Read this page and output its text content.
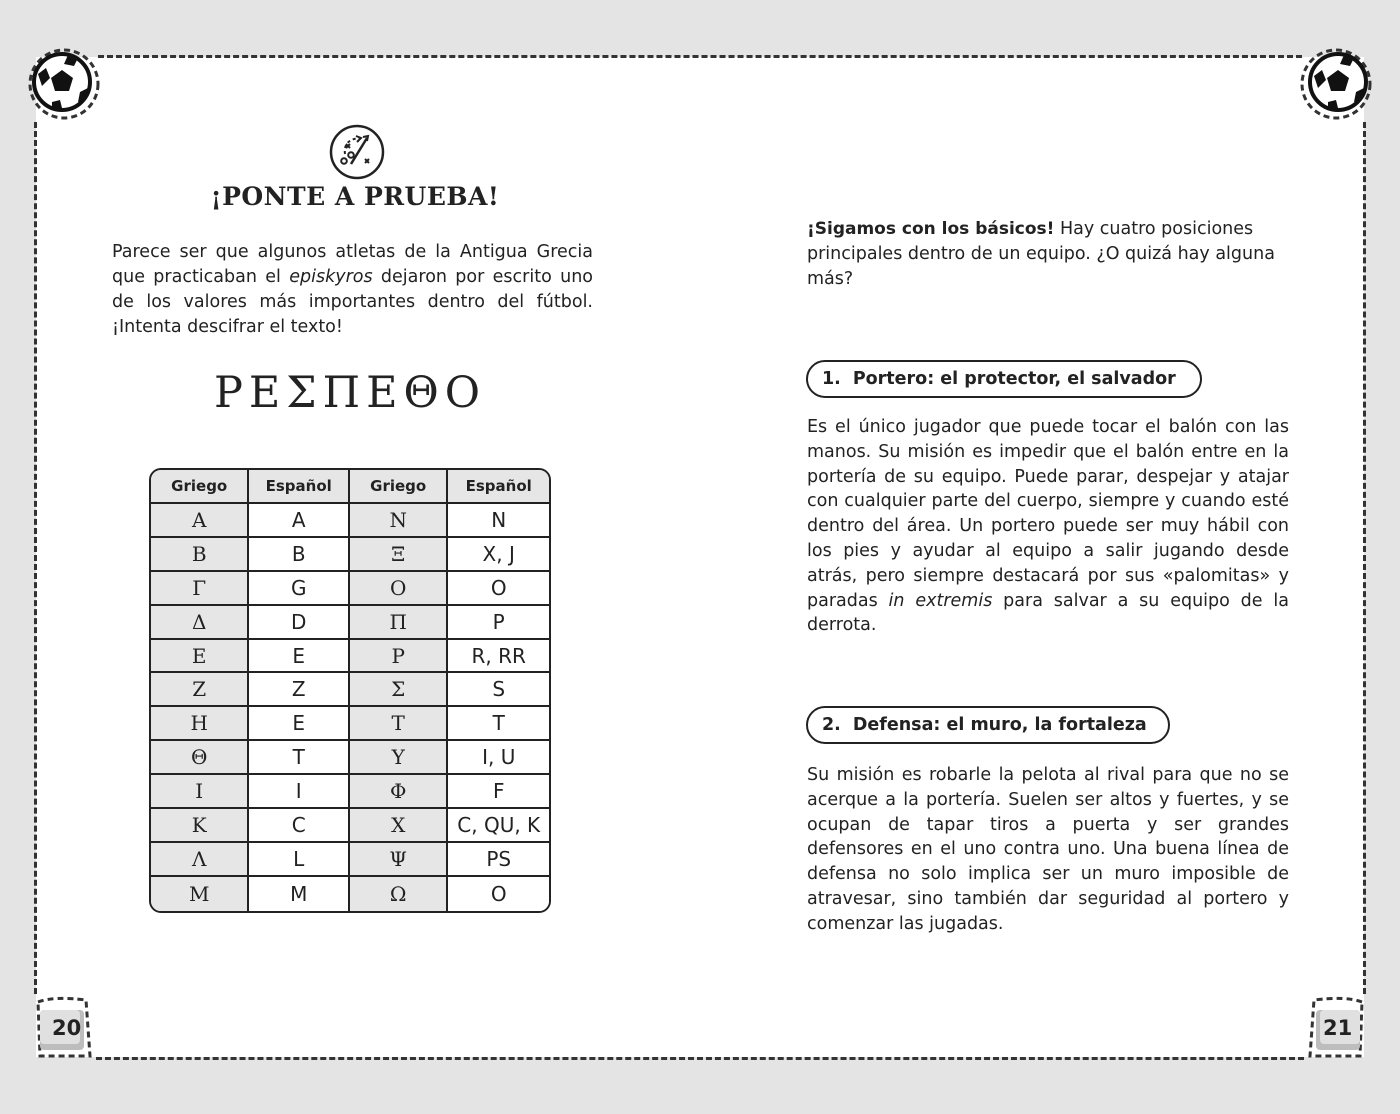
20	21
¡PONTE A PRUEBA!

Parece ser que algunos atletas de la Antigua Grecia que practicaban el episkyros dejaron por escrito uno de los valores más importantes dentro del fútbol. ¡Intenta descifrar el texto!

ΡΕΣΠΕΘΟ
Griego	Español	Griego	Español
Α	A	Ν	N
Β	B	Ξ	X, J
Γ	G	Ο	O
Δ	D	Π	P
Ε	E	Ρ	R, RR
Ζ	Z	Σ	S
Η	E	Τ	T
Θ	T	Υ	I, U
Ι	I	Φ	F
Κ	C	Χ	C, QU, K
Λ	L	Ψ	PS
Μ	M	Ω	O

¡Sigamos con los básicos! Hay cuatro posiciones principales dentro de un equipo. ¿O quizá hay alguna más?

1. Portero: el protector, el salvador

Es el único jugador que puede tocar el balón con las manos. Su misión es impedir que el balón entre en la portería de su equipo. Puede parar, despejar y atajar con cualquier parte del cuerpo, siempre y cuando esté dentro del área. Un portero puede ser muy hábil con los pies y ayudar al equipo a salir jugando desde atrás, pero siempre destacará por sus «palomitas» y paradas in extremis para salvar a su equipo de la derrota.

2. Defensa: el muro, la fortaleza

Su misión es robarle la pelota al rival para que no se acerque a la portería. Suelen ser altos y fuertes, y se ocupan de tapar tiros a puerta y ser grandes defensores en el uno contra uno. Una buena línea de defensa no solo implica ser un muro imposible de atravesar, sino también dar seguridad al portero y comenzar las jugadas.
